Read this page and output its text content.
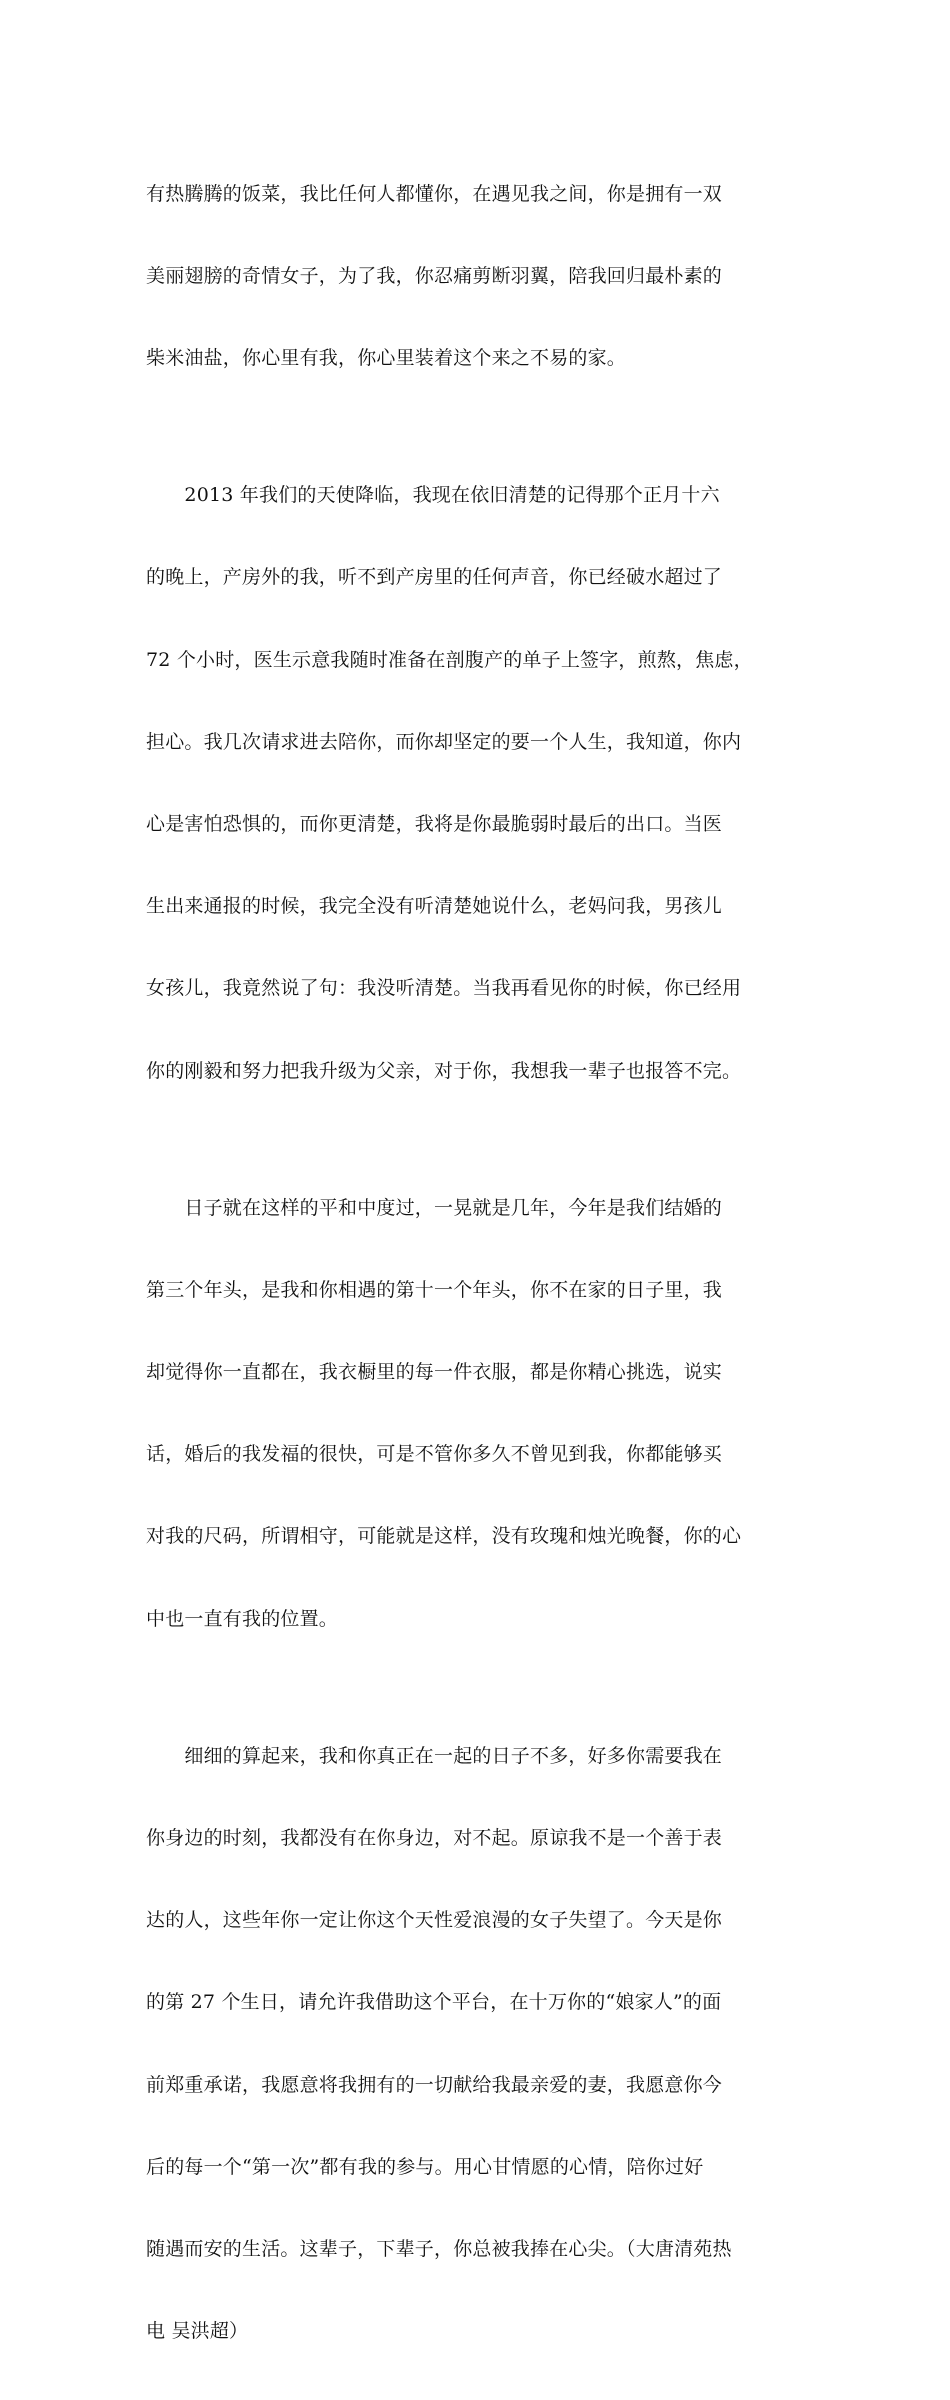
有热腾腾的饭菜，我比任何人都懂你，在遇见我之间，你是拥有一双

美丽翅膀的奇情女子，为了我，你忍痛剪断羽翼，陪我回归最朴素的

柴米油盐，你心里有我，你心里装着这个来之不易的家。

　　2013 年我们的天使降临，我现在依旧清楚的记得那个正月十六

的晚上，产房外的我，听不到产房里的任何声音，你已经破水超过了

72 个小时，医生示意我随时准备在剖腹产的单子上签字，煎熬，焦虑，

担心。我几次请求进去陪你，而你却坚定的要一个人生，我知道，你内

心是害怕恐惧的，而你更清楚，我将是你最脆弱时最后的出口。当医

生出来通报的时候，我完全没有听清楚她说什么，老妈问我，男孩儿

女孩儿，我竟然说了句：我没听清楚。当我再看见你的时候，你已经用

你的刚毅和努力把我升级为父亲，对于你，我想我一辈子也报答不完。

　　日子就在这样的平和中度过，一晃就是几年，今年是我们结婚的

第三个年头，是我和你相遇的第十一个年头，你不在家的日子里，我

却觉得你一直都在，我衣橱里的每一件衣服，都是你精心挑选，说实

话，婚后的我发福的很快，可是不管你多久不曾见到我，你都能够买

对我的尺码，所谓相守，可能就是这样，没有玫瑰和烛光晚餐，你的心

中也一直有我的位置。

　　细细的算起来，我和你真正在一起的日子不多，好多你需要我在

你身边的时刻，我都没有在你身边，对不起。原谅我不是一个善于表

达的人，这些年你一定让你这个天性爱浪漫的女子失望了。今天是你

的第 27 个生日，请允许我借助这个平台，在十万你的“娘家人”的面

前郑重承诺，我愿意将我拥有的一切献给我最亲爱的妻，我愿意你今

后的每一个“第一次”都有我的参与。用心甘情愿的心情，陪你过好

随遇而安的生活。这辈子，下辈子，你总被我捧在心尖。（大唐清苑热

电 吴洪超）
